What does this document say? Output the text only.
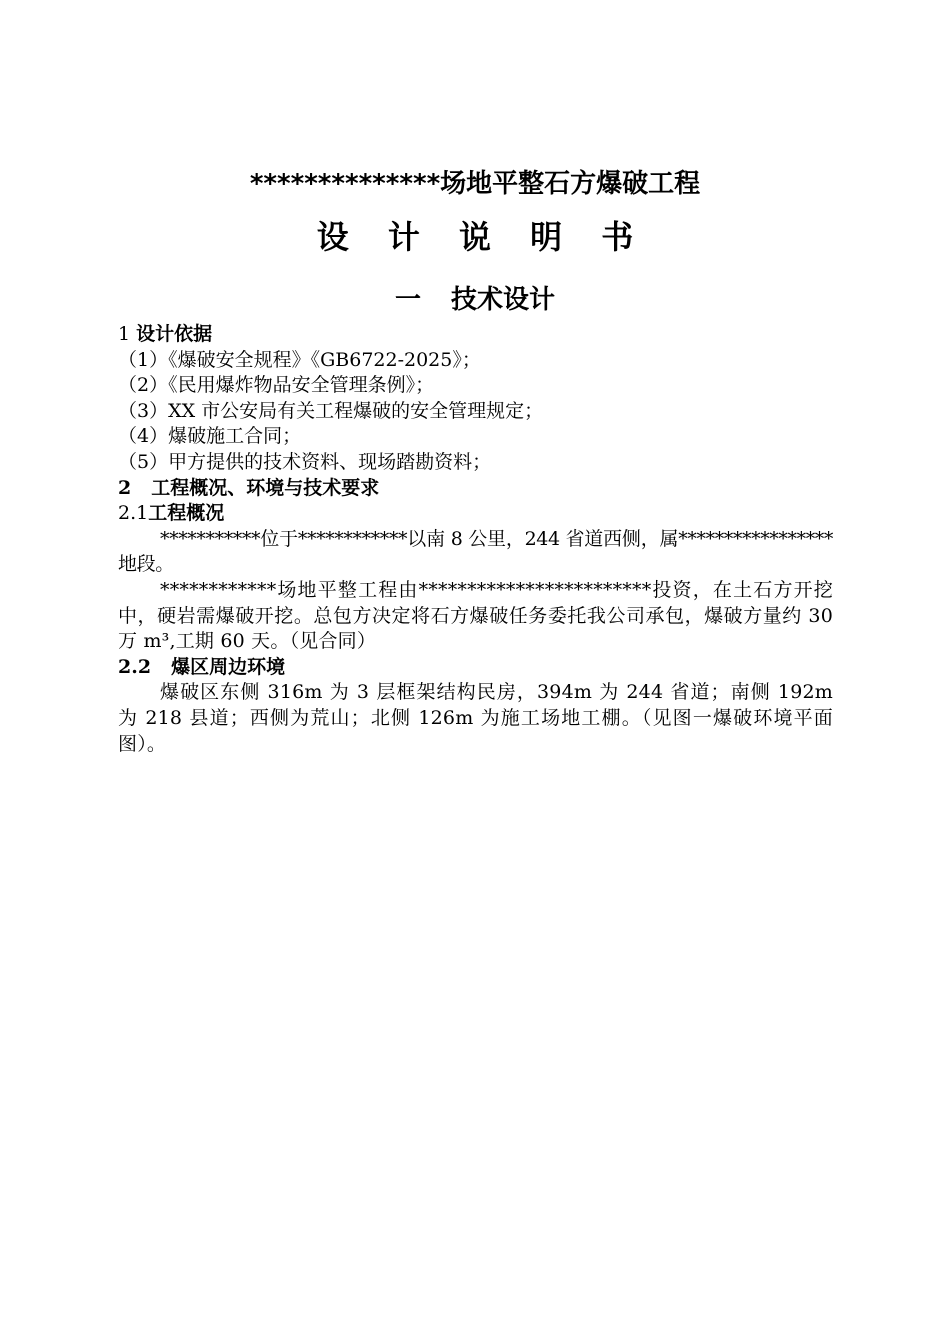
**************场地平整石方爆破工程
设 计 说 明 书
一 技术设计

1 设计依据

（1）《爆破安全规程》《GB6722-2025》；

（2）《民用爆炸物品安全管理条例》；

（3）XX 市公安局有关工程爆破的安全管理规定；

（4）爆破施工合同；

（5）甲方提供的技术资料、现场踏勘资料；

2 工程概况、环境与技术要求

2.1工程概况

***********位于************以南 8 公里，244 省道西侧，属*****************地段。

************场地平整工程由************************投资，在土石方开挖中，硬岩需爆破开挖。总包方决定将石方爆破任务委托我公司承包，爆破方量约 30 万 m³,工期 60 天。（见合同）

2.2 爆区周边环境

爆破区东侧 316m 为 3 层框架结构民房，394m 为 244 省道；南侧 192m 为 218 县道；西侧为荒山；北侧 126m 为施工场地工棚。（见图一爆破环境平面图）。
